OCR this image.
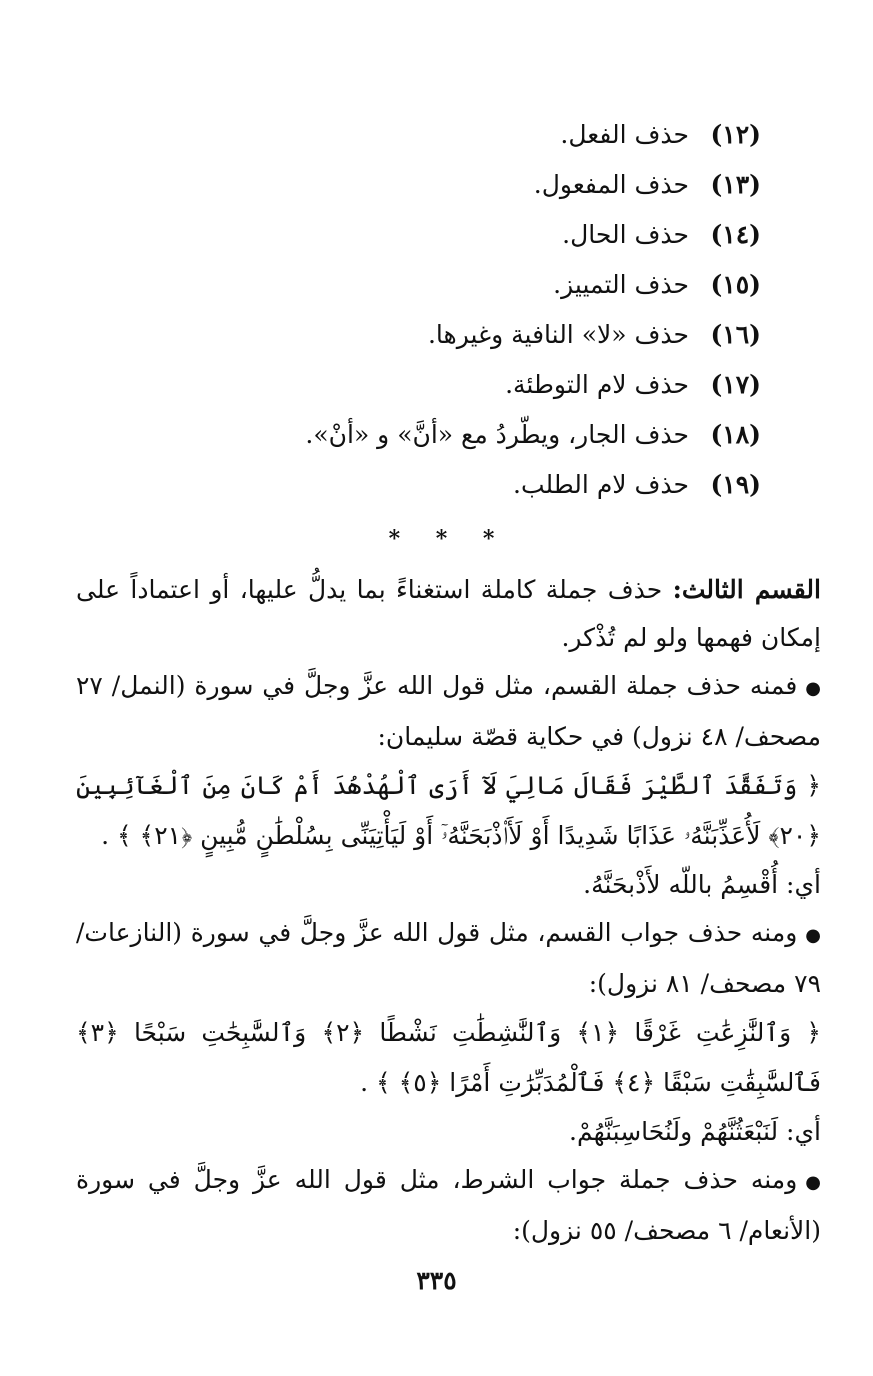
(١٢)حذف الفعل.
(١٣)حذف المفعول.
(١٤)حذف الحال.
(١٥)حذف التمييز.
(١٦)حذف «لا» النافية وغيرها.
(١٧)حذف لام التوطئة.
(١٨)حذف الجار، ويطّردُ مع «أنَّ» و «أنْ».
(١٩)حذف لام الطلب.
* * *

القسم الثالث: حذف جملة كاملة استغناءً بما يدلُّ عليها، أو اعتماداً على إمكان فهمها ولو لم تُذْكر.

●فمنه حذف جملة القسم، مثل قول الله عزَّ وجلَّ في سورة (النمل/ ٢٧ مصحف/ ٤٨ نزول) في حكاية قصّة سليمان:

﴿ وَتَفَقَّدَ ٱلطَّيْرَ فَقَالَ مَالِيَ لَآ أَرَى ٱلْهُدْهُدَ أَمْ كَانَ مِنَ ٱلْغَآئِبِينَ ﴿٢٠﴾ لَأُعَذِّبَنَّهُۥ عَذَابًا شَدِيدًا أَوْ لَأَا۟ذْبَحَنَّهُۥٓ أَوْ لَيَأْتِيَنِّى بِسُلْطَٰنٍ مُّبِينٍ ﴿٢١﴾ ﴾ .

أي: أُقْسِمُ باللّه لأَذْبحَنَّهُ.

●ومنه حذف جواب القسم، مثل قول الله عزَّ وجلَّ في سورة (النازعات/ ٧٩ مصحف/ ٨١ نزول):

﴿ وَٱلنَّٰزِعَٰتِ غَرْقًا ﴿١﴾ وَٱلنَّٰشِطَٰتِ نَشْطًا ﴿٢﴾ وَٱلسَّٰبِحَٰتِ سَبْحًا ﴿٣﴾ فَٱلسَّٰبِقَٰتِ سَبْقًا ﴿٤﴾ فَٱلْمُدَبِّرَٰتِ أَمْرًا ﴿٥﴾ ﴾ .

أي: لَنَبْعَثُنَّهُمْ ولَنُحَاسِبَنَّهُمْ.

●ومنه حذف جملة جواب الشرط، مثل قول الله عزَّ وجلَّ في سورة (الأنعام/ ٦ مصحف/ ٥٥ نزول):

٣٣٥
